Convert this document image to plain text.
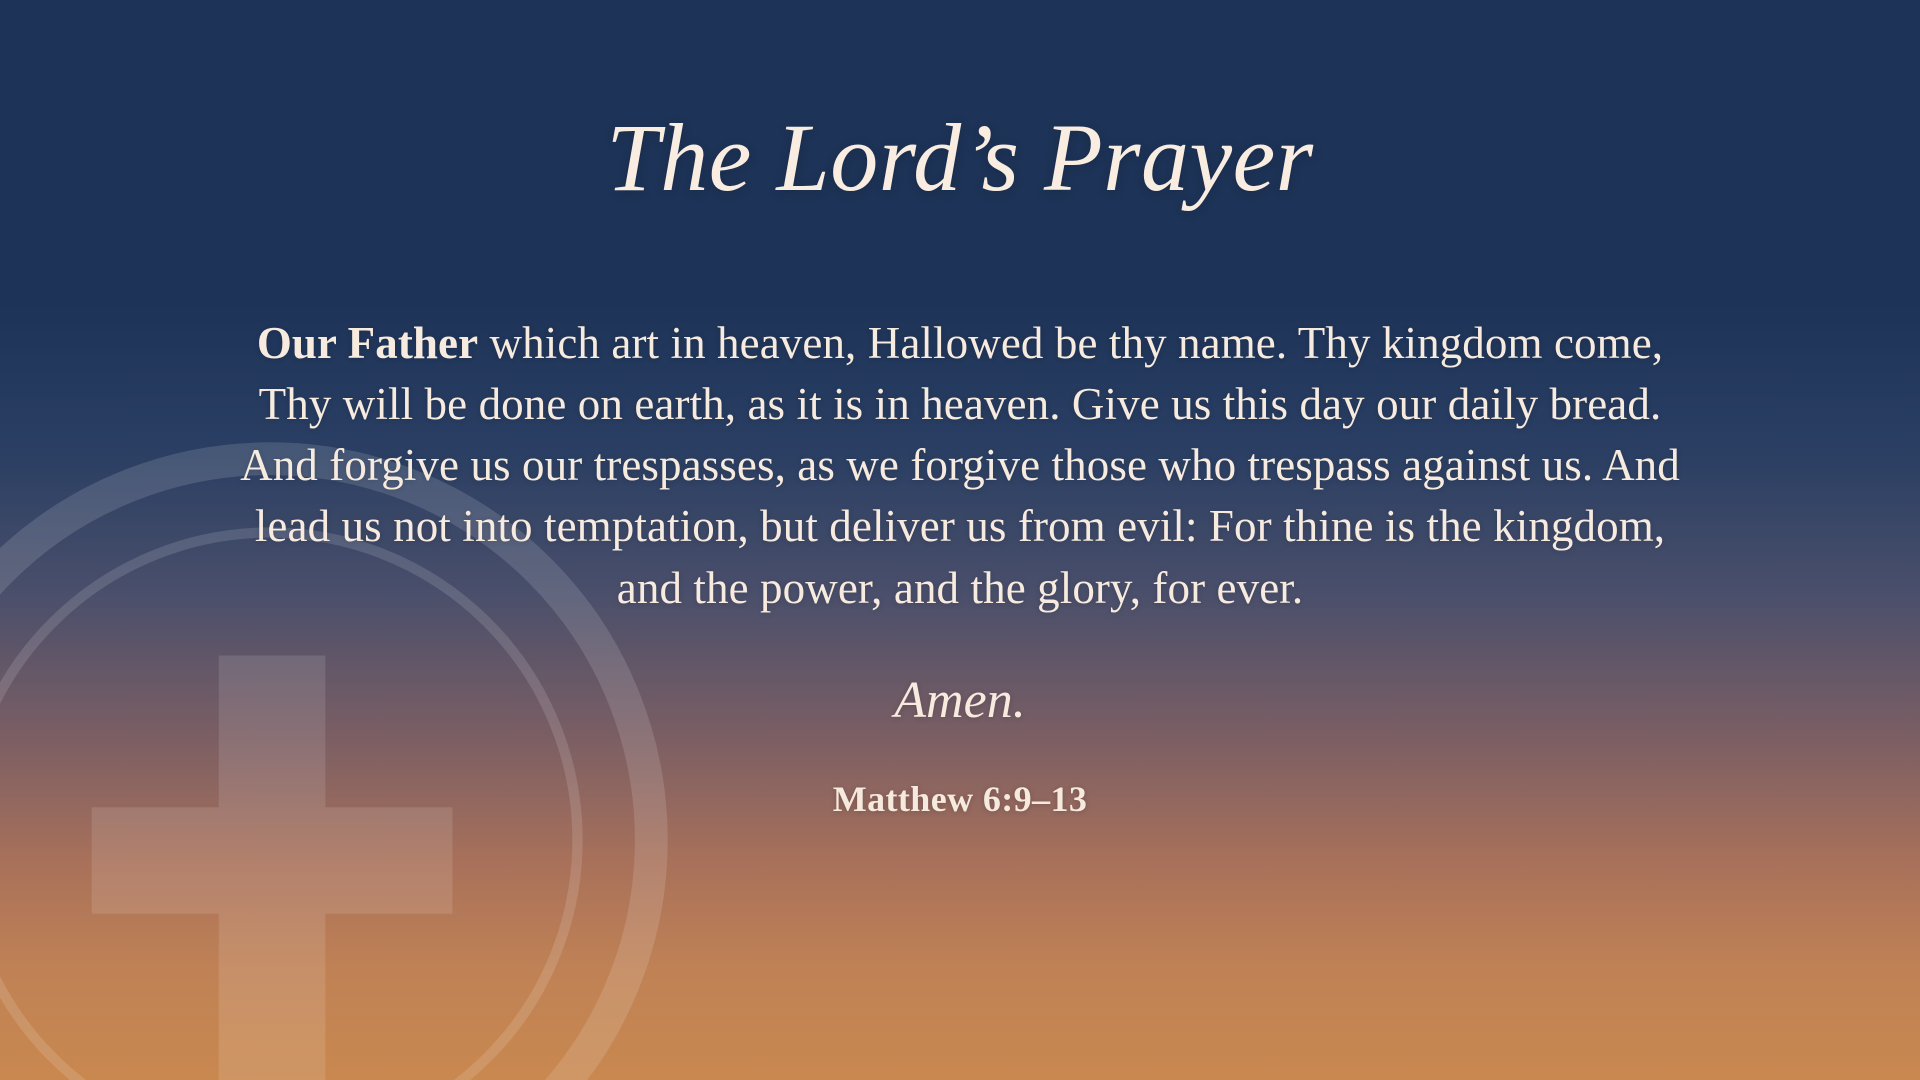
The Lord’s Prayer

Our Father which art in heaven, Hallowed be thy name. Thy kingdom come, Thy will be done on earth, as it is in heaven. Give us this day our daily bread. And forgive us our trespasses, as we forgive those who trespass against us. And lead us not into temptation, but deliver us from evil: For thine is the kingdom, and the power, and the glory, for ever.

Amen.

Matthew 6:9–13
